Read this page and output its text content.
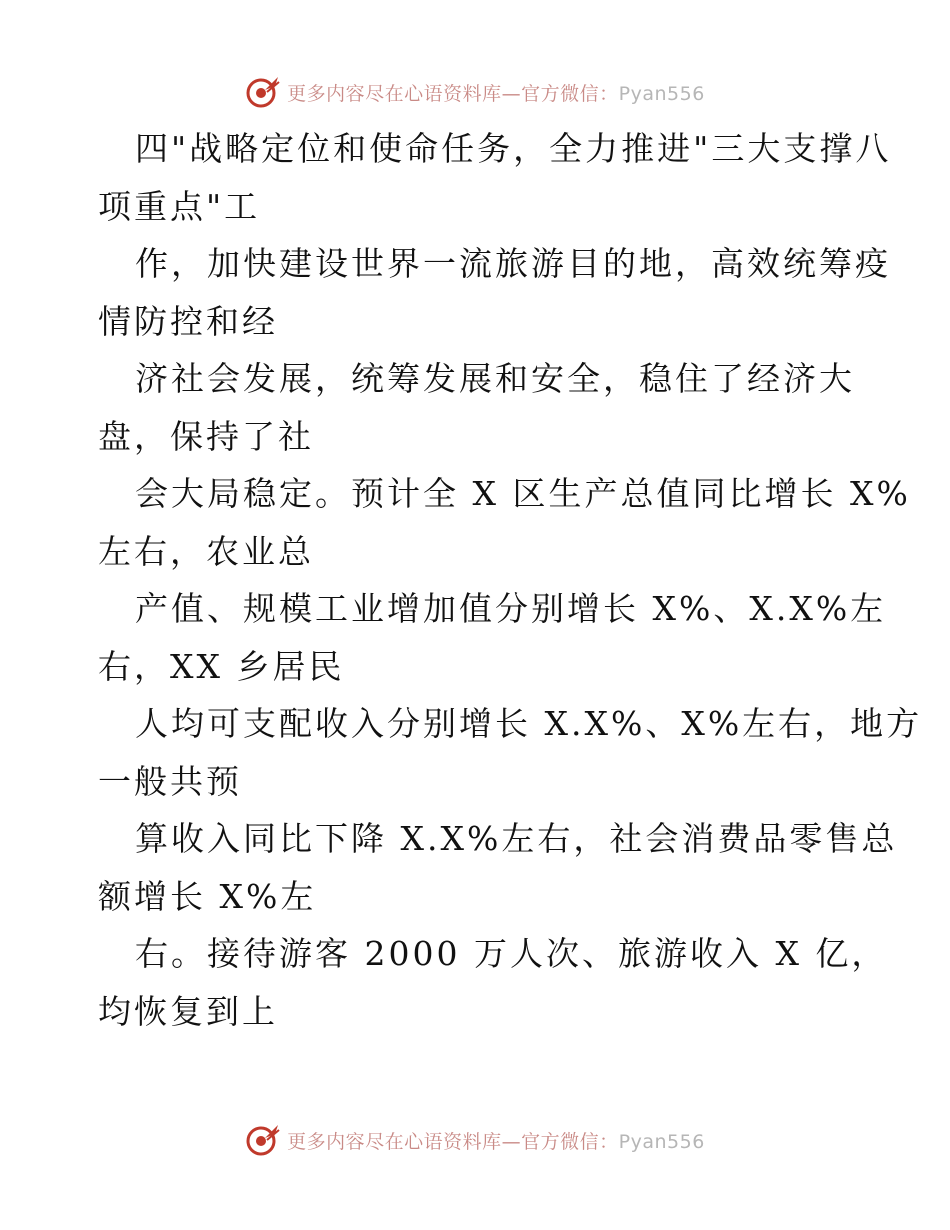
更多内容尽在心语资料库—官方微信：Pyan556
四"战略定位和使命任务，全力推进"三大支撑八
项重点"工
作，加快建设世界一流旅游目的地，高效统筹疫
情防控和经
济社会发展，统筹发展和安全，稳住了经济大
盘，保持了社
会大局稳定。预计全 X 区生产总值同比增长 X%
左右，农业总
产值、规模工业增加值分别增长 X%、X.X%左
右，XX 乡居民
人均可支配收入分别增长 X.X%、X%左右，地方
一般共预
算收入同比下降 X.X%左右，社会消费品零售总
额增长 X%左
右。接待游客 2000 万人次、旅游收入 X 亿，
均恢复到上
更多内容尽在心语资料库—官方微信：Pyan556
